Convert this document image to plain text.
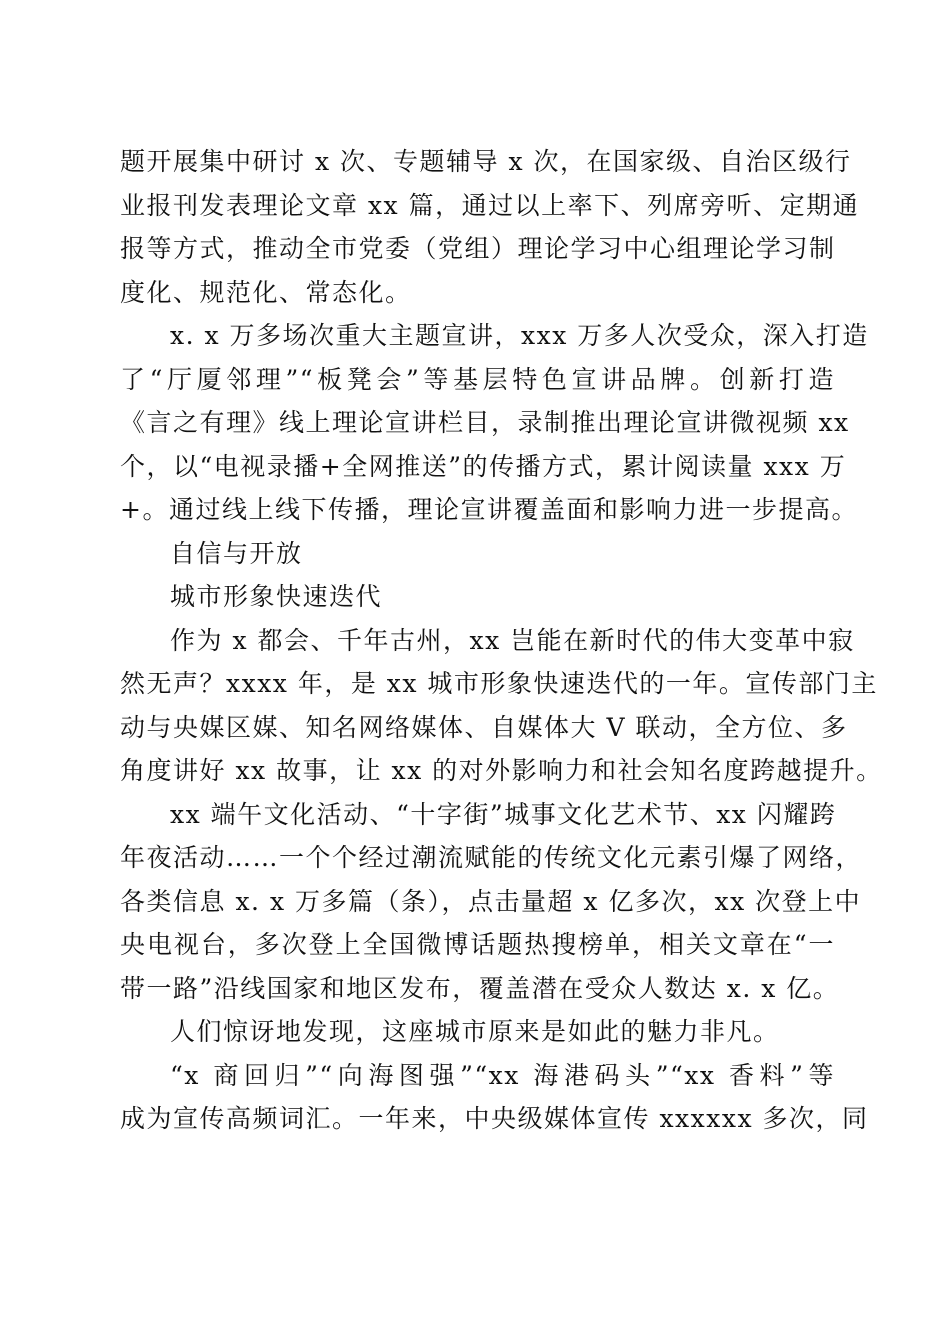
题开展集中研讨 x 次、专题辅导 x 次，在国家级、自治区级行
业报刊发表理论文章 xx 篇，通过以上率下、列席旁听、定期通
报等方式，推动全市党委（党组）理论学习中心组理论学习制
度化、规范化、常态化。
x. x 万多场次重大主题宣讲，xxx 万多人次受众，深入打造
了“厅厦邻理”“板凳会”等基层特色宣讲品牌。创新打造
《言之有理》线上理论宣讲栏目，录制推出理论宣讲微视频 xx
个，以“电视录播+全网推送”的传播方式，累计阅读量 xxx 万
+。通过线上线下传播，理论宣讲覆盖面和影响力进一步提高。
自信与开放
城市形象快速迭代
作为 x 都会、千年古州，xx 岂能在新时代的伟大变革中寂
然无声？xxxx 年，是 xx 城市形象快速迭代的一年。宣传部门主
动与央媒区媒、知名网络媒体、自媒体大 V 联动，全方位、多
角度讲好 xx 故事，让 xx 的对外影响力和社会知名度跨越提升。
xx 端午文化活动、“十字街”城事文化艺术节、xx 闪耀跨
年夜活动……一个个经过潮流赋能的传统文化元素引爆了网络，
各类信息 x. x 万多篇（条），点击量超 x 亿多次，xx 次登上中
央电视台，多次登上全国微博话题热搜榜单，相关文章在“一
带一路”沿线国家和地区发布，覆盖潜在受众人数达 x. x 亿。
人们惊讶地发现，这座城市原来是如此的魅力非凡。
“x 商回归”“向海图强”“xx 海港码头”“xx 香料”等
成为宣传高频词汇。一年来，中央级媒体宣传 xxxxxx 多次，同
